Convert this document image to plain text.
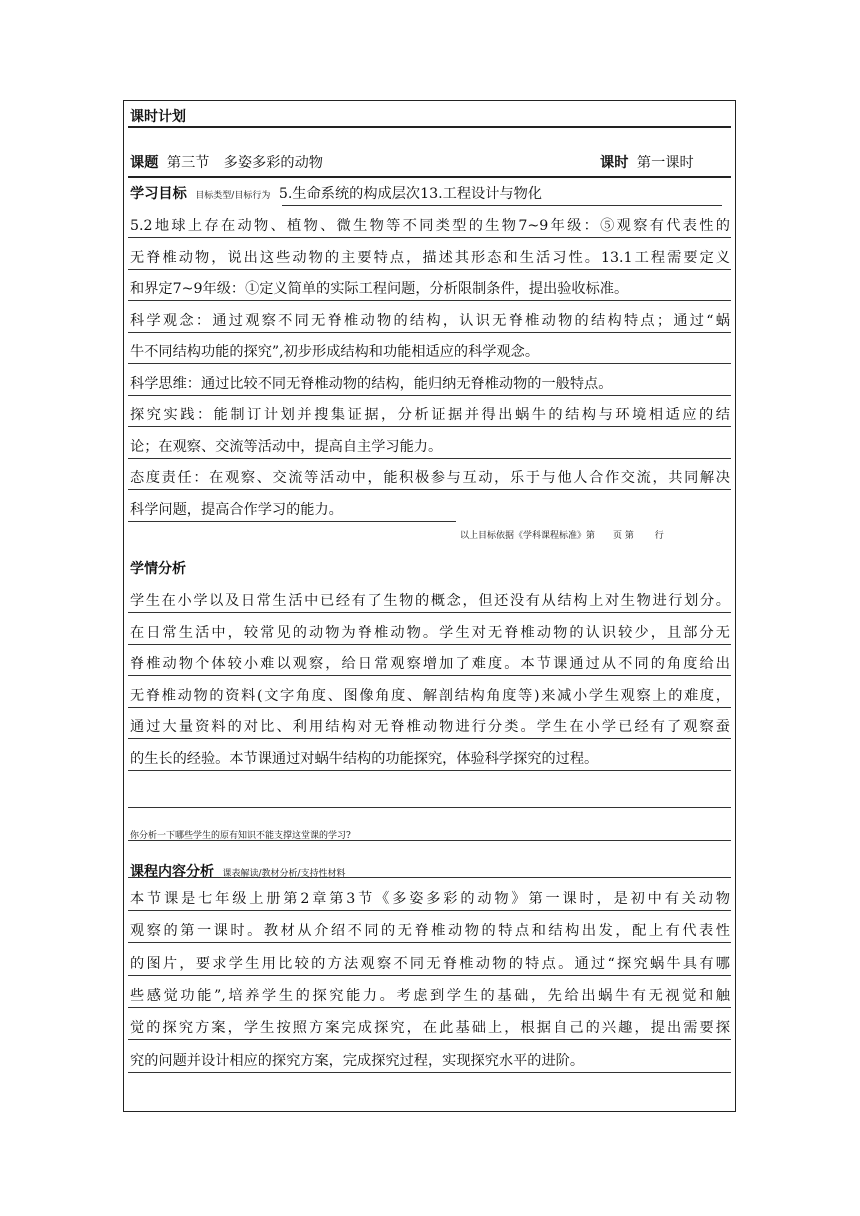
课时计划
课题 第三节　多姿多彩的动物	课时 第一课时
学习目标 目标类型/目标行为 5.生命系统的构成层次13.工程设计与物化
5.2地球上存在动物、植物、微生物等不同类型的生物7~9年级：⑤观察有代表性的
无脊椎动物，说出这些动物的主要特点，描述其形态和生活习性。13.1工程需要定义
和界定7~9年级：①定义简单的实际工程问题，分析限制条件，提出验收标准。
科学观念：通过观察不同无脊椎动物的结构，认识无脊椎动物的结构特点；通过“蜗
牛不同结构功能的探究”,初步形成结构和功能相适应的科学观念。
科学思维：通过比较不同无脊椎动物的结构，能归纳无脊椎动物的一般特点。
探究实践：能制订计划并搜集证据，分析证据并得出蜗牛的结构与环境相适应的结
论；在观察、交流等活动中，提高自主学习能力。
态度责任：在观察、交流等活动中，能积极参与互动，乐于与他人合作交流，共同解决
科学问题，提高合作学习的能力。
以上目标依据《学科课程标准》第　　页 第　　 行
学情分析
学生在小学以及日常生活中已经有了生物的概念，但还没有从结构上对生物进行划分。
在日常生活中，较常见的动物为脊椎动物。学生对无脊椎动物的认识较少，且部分无
脊椎动物个体较小难以观察，给日常观察增加了难度。本节课通过从不同的角度给出
无脊椎动物的资料(文字角度、图像角度、解剖结构角度等)来减小学生观察上的难度，
通过大量资料的对比、利用结构对无脊椎动物进行分类。学生在小学已经有了观察蚕
的生长的经验。本节课通过对蜗牛结构的功能探究，体验科学探究的过程。
你分析一下哪些学生的原有知识不能支撑这堂课的学习?
课程内容分析 课表解读/教材分析/支持性材料
本节课是七年级上册第2章第3节《多姿多彩的动物》第一课时，是初中有关动物
观察的第一课时。教材从介绍不同的无脊椎动物的特点和结构出发，配上有代表性
的图片，要求学生用比较的方法观察不同无脊椎动物的特点。通过“探究蜗牛具有哪
些感觉功能”,培养学生的探究能力。考虑到学生的基础，先给出蜗牛有无视觉和触
觉的探究方案，学生按照方案完成探究，在此基础上，根据自己的兴趣，提出需要探
究的问题并设计相应的探究方案，完成探究过程，实现探究水平的进阶。
